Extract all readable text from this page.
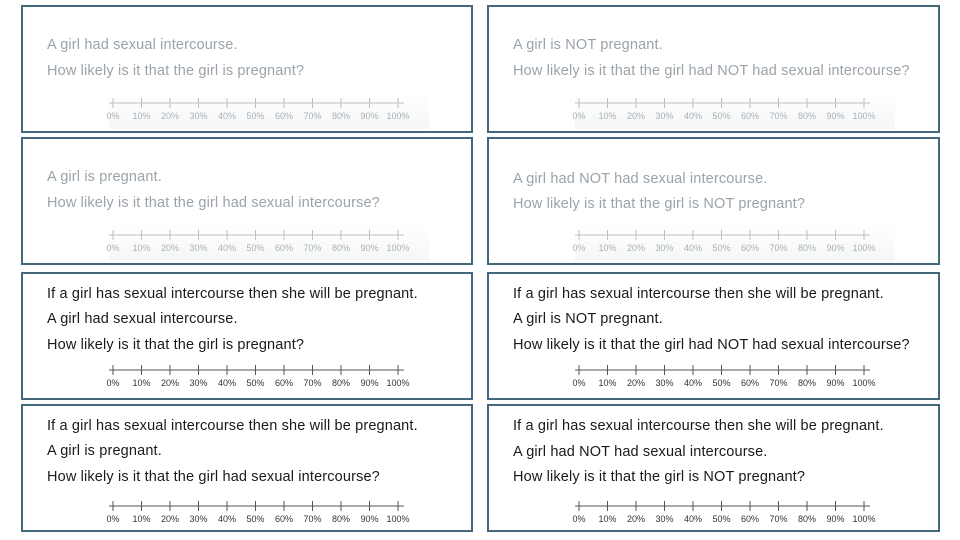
A girl had sexual intercourse.
How likely is it that the girl is pregnant?
0% 10% 20% 30% 40% 50% 60% 70% 80% 90% 100%
A girl is NOT pregnant.
How likely is it that the girl had NOT had sexual intercourse?
0% 10% 20% 30% 40% 50% 60% 70% 80% 90% 100%
A girl is pregnant.
How likely is it that the girl had sexual intercourse?
0% 10% 20% 30% 40% 50% 60% 70% 80% 90% 100%
A girl had NOT had sexual intercourse.
How likely is it that the girl is NOT pregnant?
0% 10% 20% 30% 40% 50% 60% 70% 80% 90% 100%
If a girl has sexual intercourse then she will be pregnant.
A girl had sexual intercourse.
How likely is it that the girl is pregnant?
0% 10% 20% 30% 40% 50% 60% 70% 80% 90% 100%
If a girl has sexual intercourse then she will be pregnant.
A girl is NOT pregnant.
How likely is it that the girl had NOT had sexual intercourse?
0% 10% 20% 30% 40% 50% 60% 70% 80% 90% 100%
If a girl has sexual intercourse then she will be pregnant.
A girl is pregnant.
How likely is it that the girl had sexual intercourse?
0% 10% 20% 30% 40% 50% 60% 70% 80% 90% 100%
If a girl has sexual intercourse then she will be pregnant.
A girl had NOT had sexual intercourse.
How likely is it that the girl is NOT pregnant?
0% 10% 20% 30% 40% 50% 60% 70% 80% 90% 100%
